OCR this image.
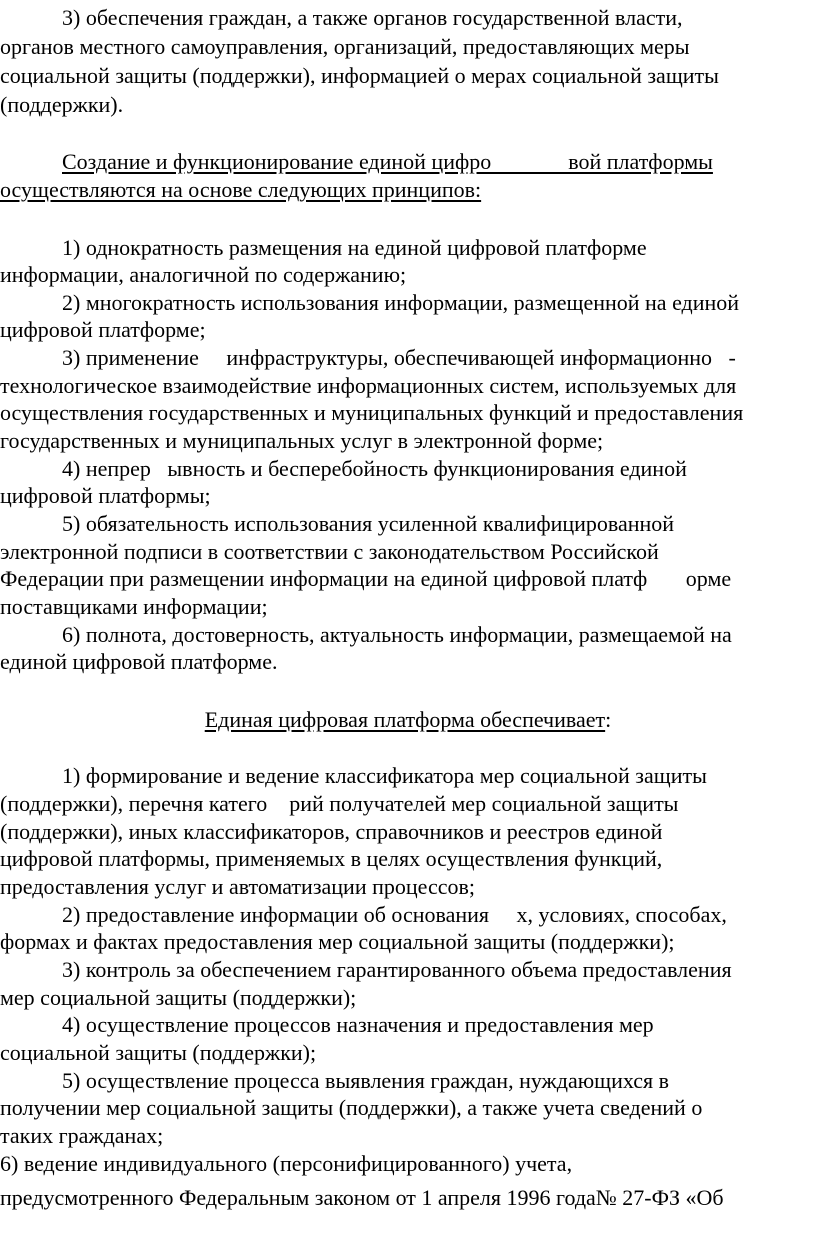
3) обеспечения граждан, а также органов государственной власти,
органов местного самоуправления, организаций, предоставляющих меры
социальной защиты (поддержки), информацией о мерах социальной защиты
(поддержки).
Создание и функционирование единой цифро              вой платформы
осуществляются на основе следующих принципов:
1) однократность размещения на единой цифровой платформе
информации, аналогичной по содержанию;
2) многократность использования информации, размещенной на единой
цифровой платформе;
3) применение     инфраструктуры, обеспечивающей информационно   -
технологическое взаимодействие информационных систем, используемых для
осуществления государственных и муниципальных функций и предоставления
государственных и муниципальных услуг в электронной форме;
4) непрер   ывность и бесперебойность функционирования единой
цифровой платформы;
5) обязательность использования усиленной квалифицированной
электронной подписи в соответствии с законодательством Российской
Федерации при размещении информации на единой цифровой платф       орме
поставщиками информации;
6) полнота, достоверность, актуальность информации, размещаемой на
единой цифровой платформе.
Единая цифровая платформа обеспечивает:
1) формирование и ведение классификатора мер социальной защиты
(поддержки), перечня катего    рий получателей мер социальной защиты
(поддержки), иных классификаторов, справочников и реестров единой
цифровой платформы, применяемых в целях осуществления функций,
предоставления услуг и автоматизации процессов;
2) предоставление информации об основания     х, условиях, способах,
формах и фактах предоставления мер социальной защиты (поддержки);
3) контроль за обеспечением гарантированного объема предоставления
мер социальной защиты (поддержки);
4) осуществление процессов назначения и предоставления мер
социальной защиты (поддержки);
5) осуществление процесса выявления граждан, нуждающихся в
получении мер социальной защиты (поддержки), а также учета сведений о
таких гражданах;
6) ведение индивидуального (персонифицированного) учета,
предусмотренного Федеральным законом от 1 апреля 1996 года№ 27-ФЗ «Об
